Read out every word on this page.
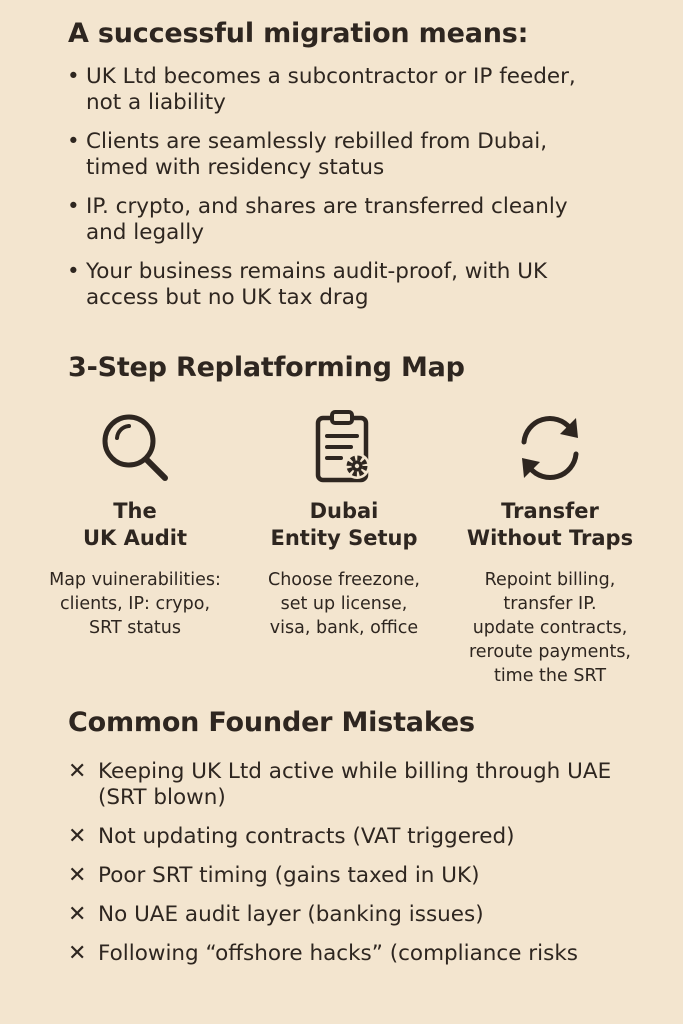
A successful migration means:
• UK Ltd becomes a subcontractor or IP feeder,
not a liability
• Clients are seamlessly rebilled from Dubai,
timed with residency status
• IP. crypto, and shares are transferred cleanly
and legally
• Your business remains audit-proof, with UK
access but no UK tax drag
3-Step Replatforming Map
The
UK Audit
Map vuinerabilities:
clients, IP: crypo,
SRT status
Dubai
Entity Setup
Choose freezone,
set up license,
visa, bank, office
Transfer
Without Traps
Repoint billing,
transfer IP.
update contracts,
reroute payments,
time the SRT
Common Founder Mistakes
✕ Keeping UK Ltd active while billing through UAE
(SRT blown)
✕ Not updating contracts (VAT triggered)
✕ Poor SRT timing (gains taxed in UK)
✕ No UAE audit layer (banking issues)
✕ Following “offshore hacks” (compliance risks
